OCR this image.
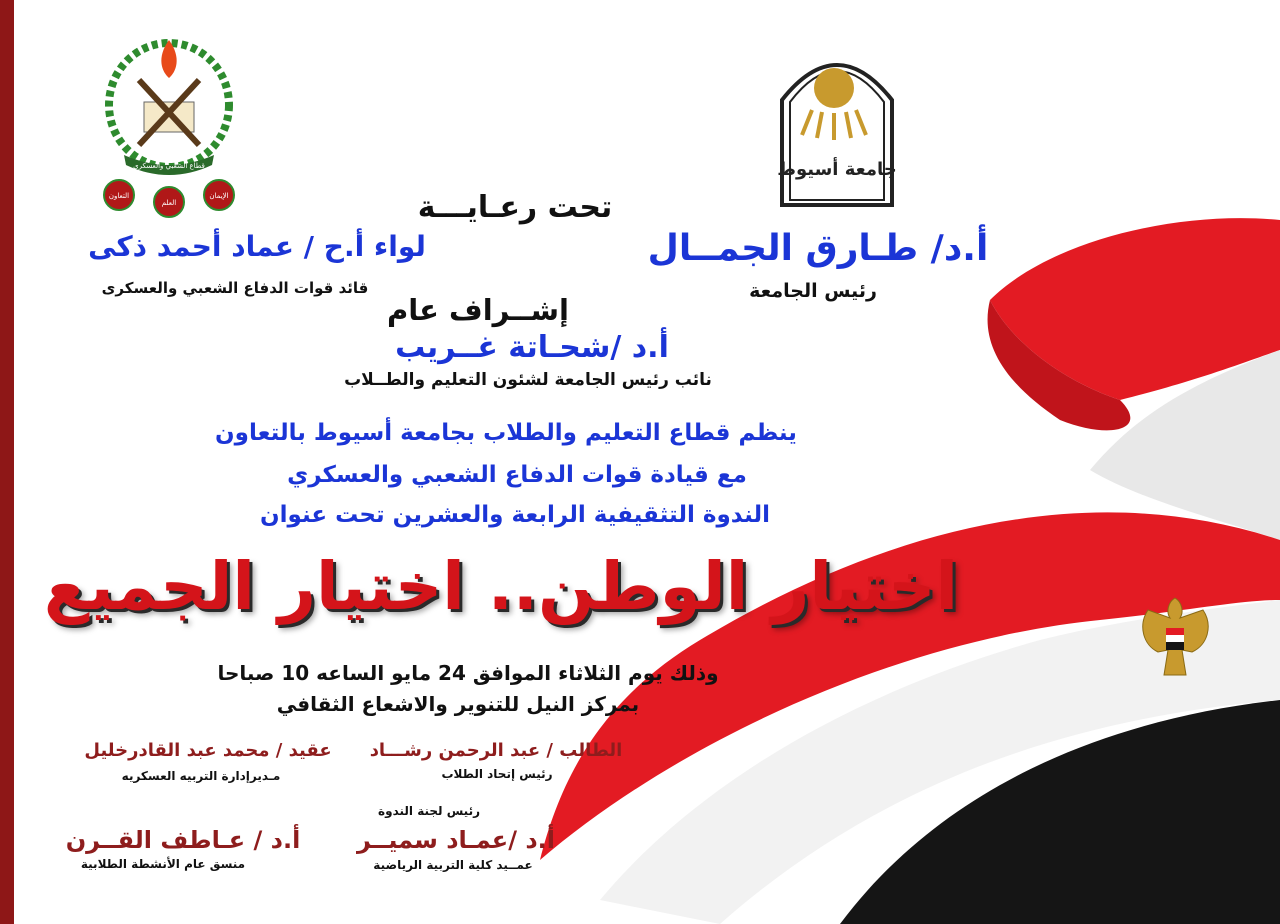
قطاع الشعبي والعسكرى
التعاون
العلم
الإيمان
جامعة أسيوط
تحت رعـايـــة
أ.د/ طـارق الجمــال
رئيس الجامعة
لواء أ.ح / عماد أحمد ذكى
قائد قوات الدفاع الشعبي والعسكرى
إشــراف عام
أ.د /شحـاتة غــريب
نائب رئيس الجامعة لشئون التعليم والطــلاب
ينظم قطاع التعليم والطلاب بجامعة أسيوط بالتعاون
مع قيادة قوات الدفاع الشعبي والعسكري
الندوة التثقيفية الرابعة والعشرين تحت عنوان
اختيار الوطن.. اختيار الجميع
وذلك يوم الثلاثاء الموافق 24 مايو الساعه 10 صباحا
بمركز النيل للتنوير والاشعاع الثقافي
الطالب / عبد الرحمن رشـــاد
رئيس إتحاد الطلاب
عقيد / محمد عبد القادرخليل
مـديرإدارة التربيه العسكريه
رئيس لجنة الندوة
أ.د /عمـاد سميــر
عمــيد كلية التربية الرياضية
أ.د / عـاطف القــرن
منسق عام الأنشطة الطلابية
